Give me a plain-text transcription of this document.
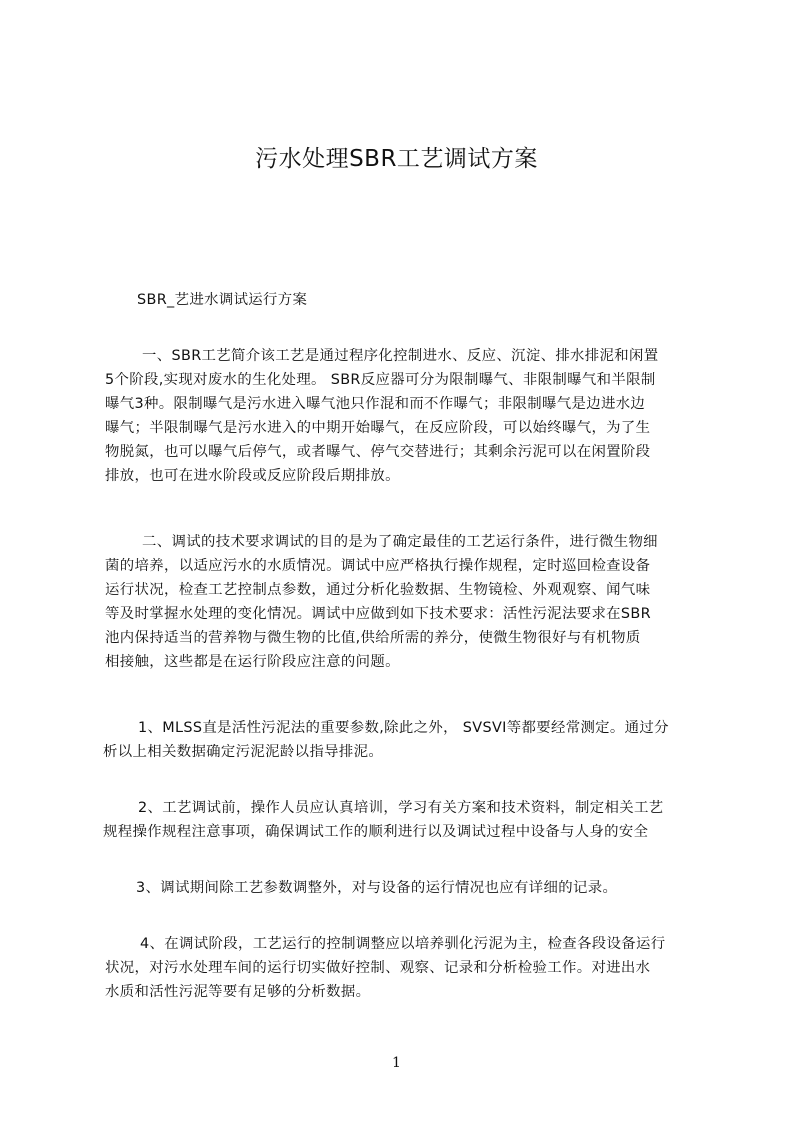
污水处理SBR工艺调试方案
SBR_艺进水调试运行方案
一、SBR工艺简介该工艺是通过程序化控制进水、反应、沉淀、排水排泥和闲置
5个阶段,实现对废水的生化处理。 SBR反应器可分为限制曝气、非限制曝气和半限制
曝气3种。限制曝气是污水进入曝气池只作混和而不作曝气；非限制曝气是边进水边
曝气；半限制曝气是污水进入的中期开始曝气，在反应阶段，可以始终曝气，为了生
物脱氮，也可以曝气后停气，或者曝气、停气交替进行；其剩余污泥可以在闲置阶段
排放，也可在进水阶段或反应阶段后期排放。
二、调试的技术要求调试的目的是为了确定最佳的工艺运行条件，进行微生物细
菌的培养，以适应污水的水质情况。调试中应严格执行操作规程，定时巡回检查设备
运行状况，检查工艺控制点参数，通过分析化验数据、生物镜检、外观观察、闻气味
等及时掌握水处理的变化情况。调试中应做到如下技术要求：活性污泥法要求在SBR
池内保持适当的营养物与微生物的比值,供给所需的养分，使微生物很好与有机物质
相接触，这些都是在运行阶段应注意的问题。
1、MLSS直是活性污泥法的重要参数,除此之外， SVSVI等都要经常测定。通过分
析以上相关数据确定污泥泥龄以指导排泥。
2、工艺调试前，操作人员应认真培训，学习有关方案和技术资料，制定相关工艺
规程操作规程注意事项，确保调试工作的顺利进行以及调试过程中设备与人身的安全
3、调试期间除工艺参数调整外，对与设备的运行情况也应有详细的记录。
4、在调试阶段，工艺运行的控制调整应以培养驯化污泥为主，检查各段设备运行
状况，对污水处理车间的运行切实做好控制、观察、记录和分析检验工作。对进出水
水质和活性污泥等要有足够的分析数据。
1
